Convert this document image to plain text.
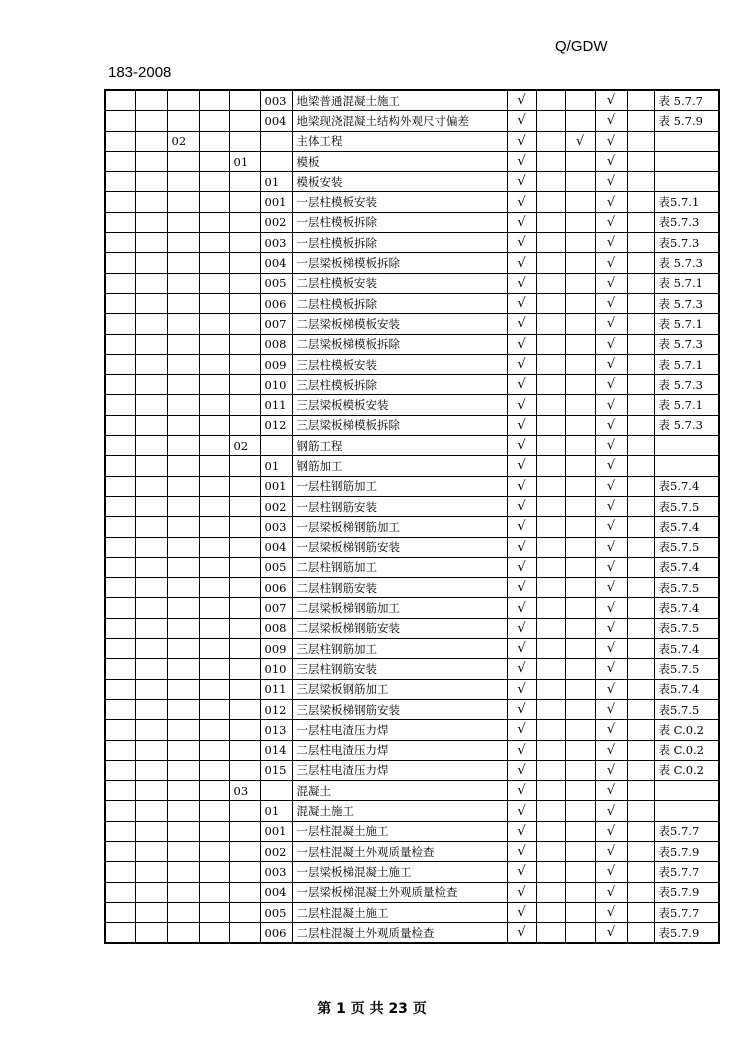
Q/GDW
183-2008
					003	地梁普通混凝土施工	√			√		表 5.7.7
					004	地梁现浇混凝土结构外观尺寸偏差	√			√		表 5.7.9
		02				主体工程	√		√	√		
				01		模板	√			√		
					01	模板安装	√			√		
					001	一层柱模板安装	√			√		表5.7.1
					002	一层柱模板拆除	√			√		表5.7.3
					003	一层柱模板拆除	√			√		表5.7.3
					004	一层梁板梯模板拆除	√			√		表 5.7.3
					005	二层柱模板安装	√			√		表 5.7.1
					006	二层柱模板拆除	√			√		表 5.7.3
					007	二层梁板梯模板安装	√			√		表 5.7.1
					008	二层梁板梯模板拆除	√			√		表 5.7.3
					009	三层柱模板安装	√			√		表 5.7.1
					010	三层柱模板拆除	√			√		表 5.7.3
					011	三层梁板模板安装	√			√		表 5.7.1
					012	三层梁板梯模板拆除	√			√		表 5.7.3
				02		钢筋工程	√			√		
					01	钢筋加工	√			√		
					001	一层柱钢筋加工	√			√		表5.7.4
					002	一层柱钢筋安装	√			√		表5.7.5
					003	一层梁板梯钢筋加工	√			√		表5.7.4
					004	一层梁板梯钢筋安装	√			√		表5.7.5
					005	二层柱钢筋加工	√			√		表5.7.4
					006	二层柱钢筋安装	√			√		表5.7.5
					007	二层梁板梯钢筋加工	√			√		表5.7.4
					008	二层梁板梯钢筋安装	√			√		表5.7.5
					009	三层柱钢筋加工	√			√		表5.7.4
					010	三层柱钢筋安装	√			√		表5.7.5
					011	三层梁板钢筋加工	√			√		表5.7.4
					012	三层梁板梯钢筋安装	√			√		表5.7.5
					013	一层柱电渣压力焊	√			√		表 C.0.2
					014	二层柱电渣压力焊	√			√		表 C.0.2
					015	三层柱电渣压力焊	√			√		表 C.0.2
				03		混凝土	√			√		
					01	混凝土施工	√			√		
					001	一层柱混凝土施工	√			√		表5.7.7
					002	一层柱混凝土外观质量检查	√			√		表5.7.9
					003	一层梁板梯混凝土施工	√			√		表5.7.7
					004	一层梁板梯混凝土外观质量检查	√			√		表5.7.9
					005	二层柱混凝土施工	√			√		表5.7.7
					006	二层柱混凝土外观质量检查	√			√		表5.7.9
第 1 页 共 23 页
